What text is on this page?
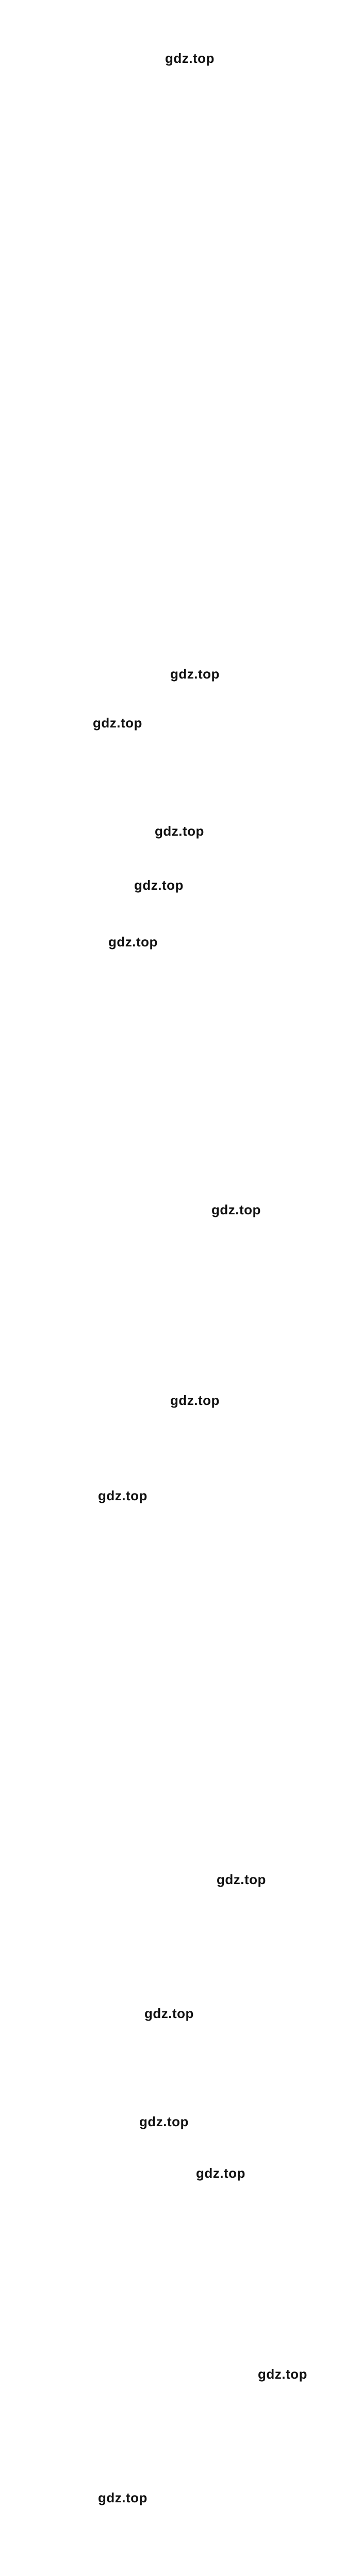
gdz.top
gdz.top
gdz.top
gdz.top
gdz.top
gdz.top
gdz.top
gdz.top
gdz.top
gdz.top
gdz.top
gdz.top
gdz.top
gdz.top
gdz.top
